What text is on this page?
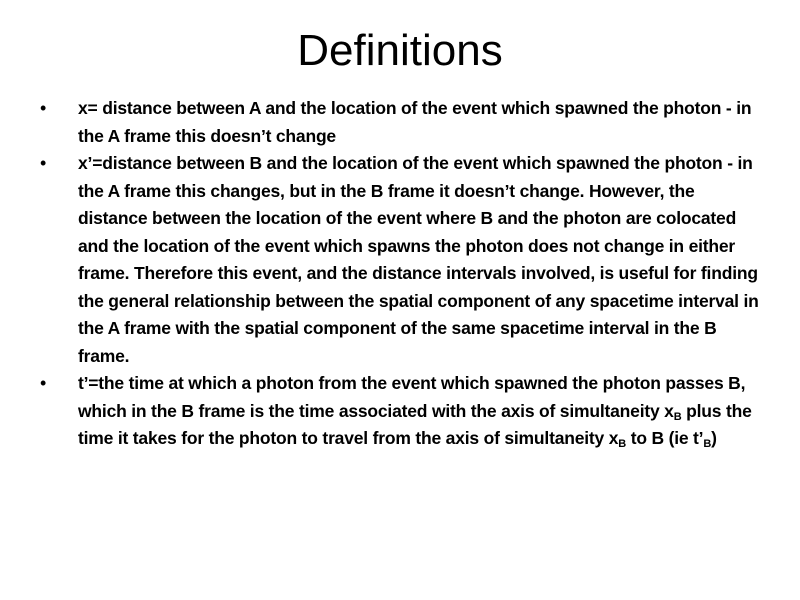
Definitions
•	x= distance between A and the location of the event which spawned the photon - in the A frame this doesn’t change
•	x’=distance between B and the location of the event which spawned the photon - in the A frame this changes, but in the B frame it doesn’t change. However, the distance between the location of the event where B and the photon are colocated and the location of the event which spawns the photon does not change in either frame. Therefore this event, and the distance intervals involved, is useful for finding the general relationship between the spatial component of any spacetime interval in the A frame with the spatial component of the same spacetime interval in the B frame.
•	t’=the time at which a photon from the event which spawned the photon passes B, which in the B frame is the time associated with the axis of simultaneity $x_B$ plus the time it takes for the photon to travel from the axis of simultaneity $x_B$ to B (ie $t’_B$)
